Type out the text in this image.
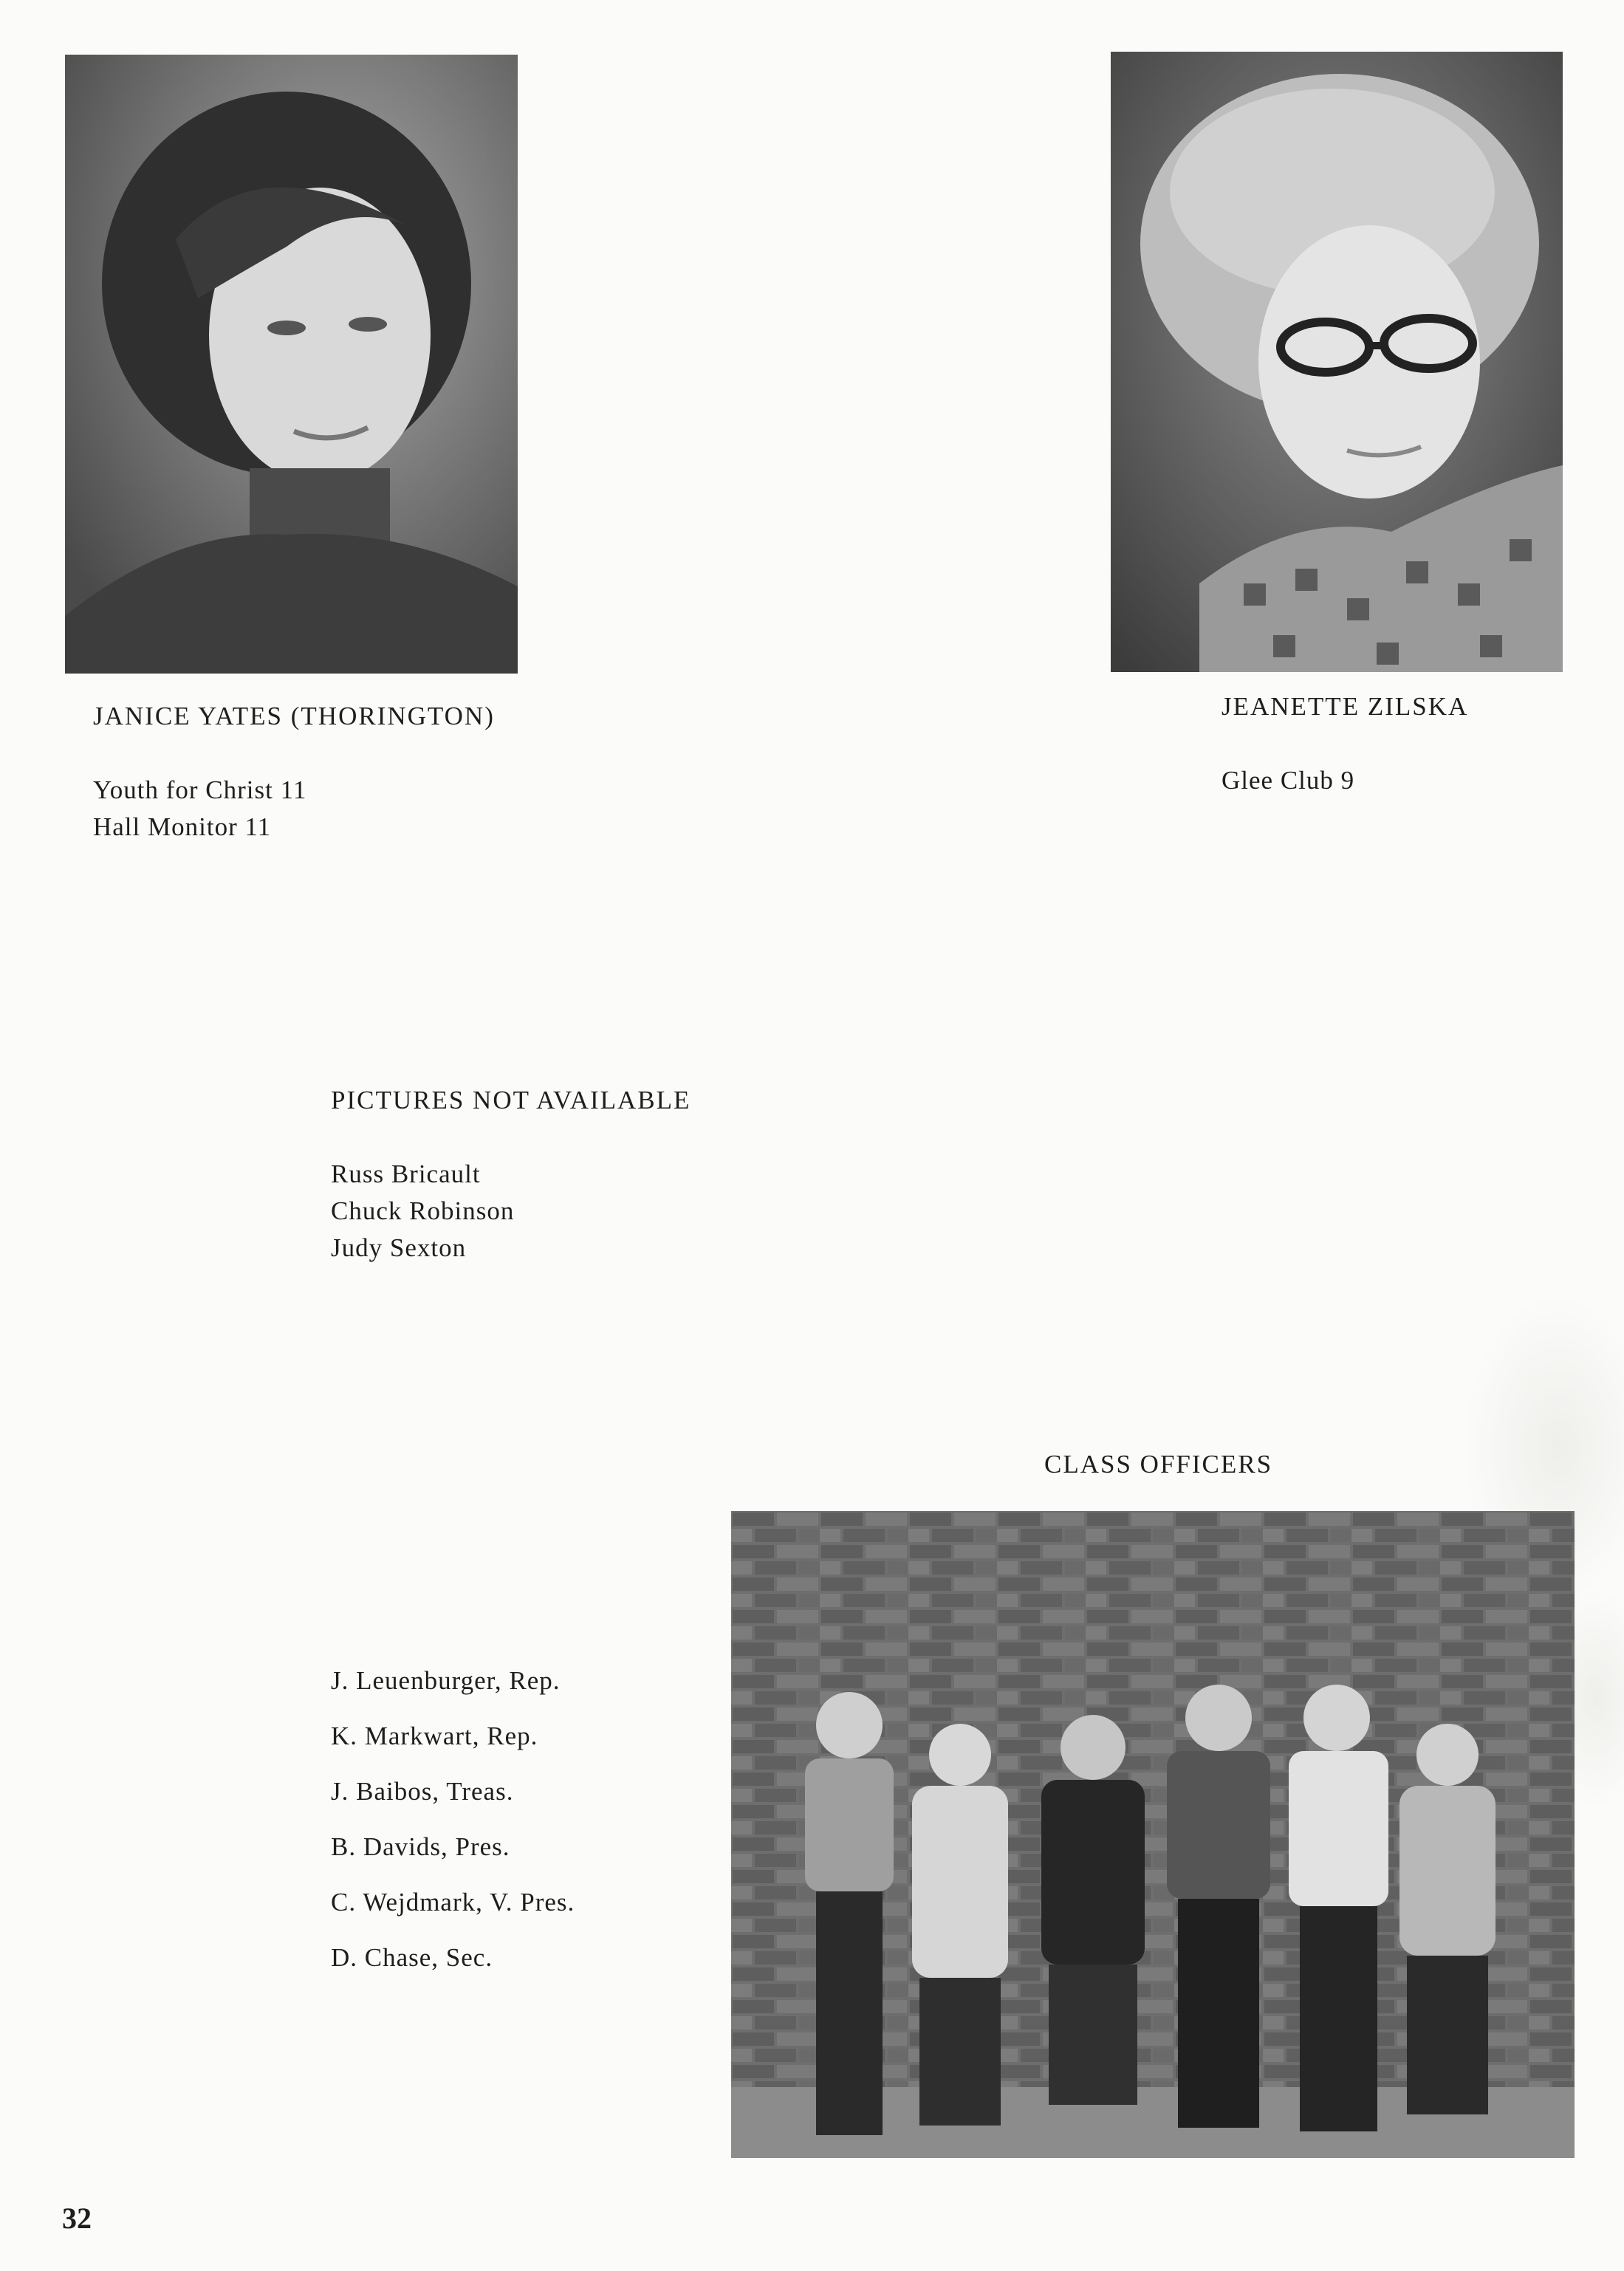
JANICE YATES (THORINGTON)
Youth for Christ 11
Hall Monitor 11
JEANETTE ZILSKA
Glee Club 9
PICTURES NOT AVAILABLE
Russ Bricault
Chuck Robinson
Judy Sexton
CLASS OFFICERS
J. Leuenburger, Rep.
K. Markwart, Rep.
J. Baibos, Treas.
B. Davids, Pres.
C. Wejdmark, V. Pres.
D. Chase, Sec.
32
